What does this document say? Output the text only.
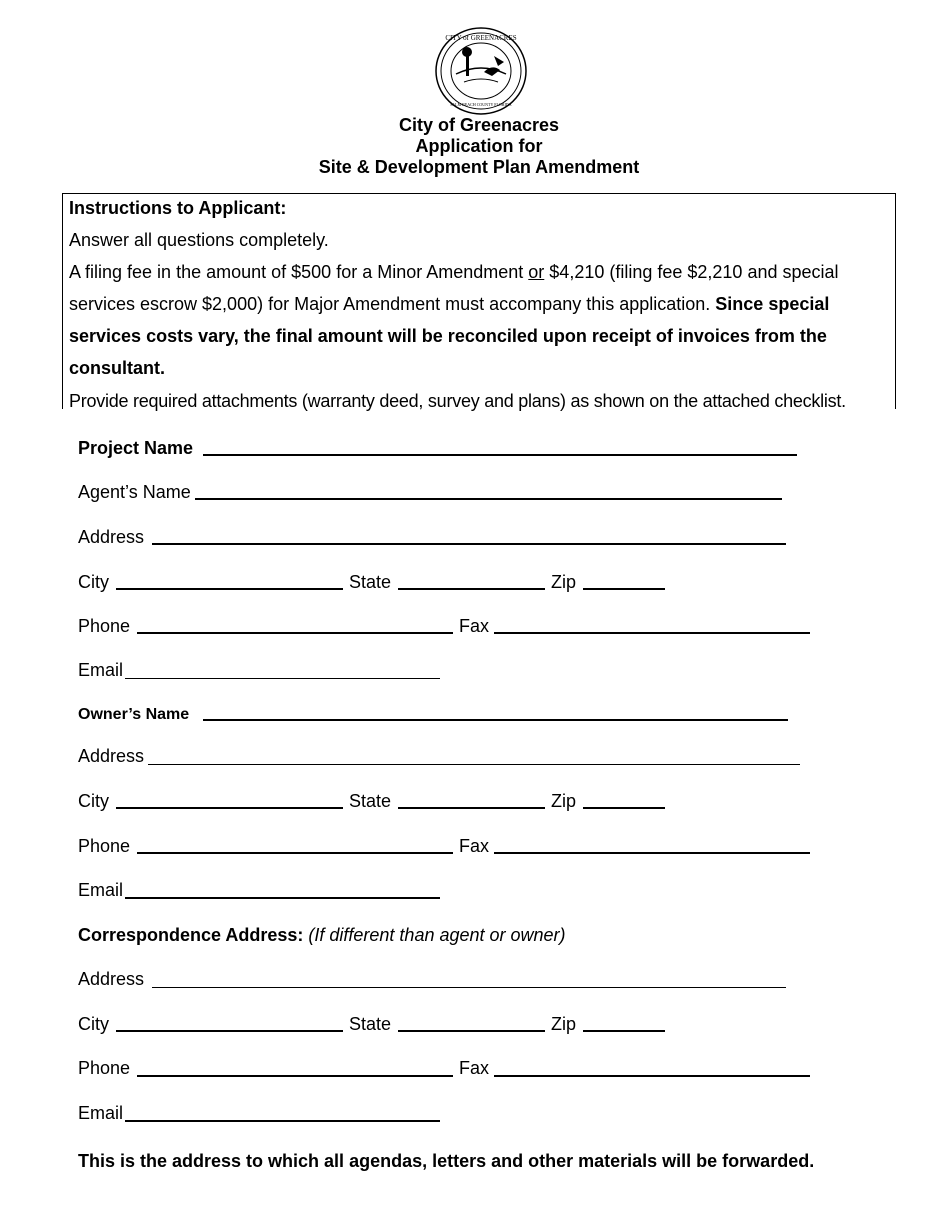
CITY of GREENACRES
PALM BEACH COUNTY FLORIDA
City of Greenacres
Application for
Site & Development Plan Amendment
Instructions to Applicant:
Answer all questions completely.
A filing fee in the amount of $500 for a Minor Amendment or $4,210 (filing fee $2,210 and special
services escrow $2,000) for Major Amendment must accompany this application. Since special
services costs vary, the final amount will be reconciled upon receipt of invoices from the
consultant.
Provide required attachments (warranty deed, survey and plans) as shown on the attached checklist.
Project Name
Agent’s Name
Address
City	State	Zip
Phone	Fax
Email
Owner’s Name
Address
City	State	Zip
Phone	Fax
Email
Correspondence Address: (If different than agent or owner)
Address
City	State	Zip
Phone	Fax
Email
This is the address to which all agendas, letters and other materials will be forwarded.
